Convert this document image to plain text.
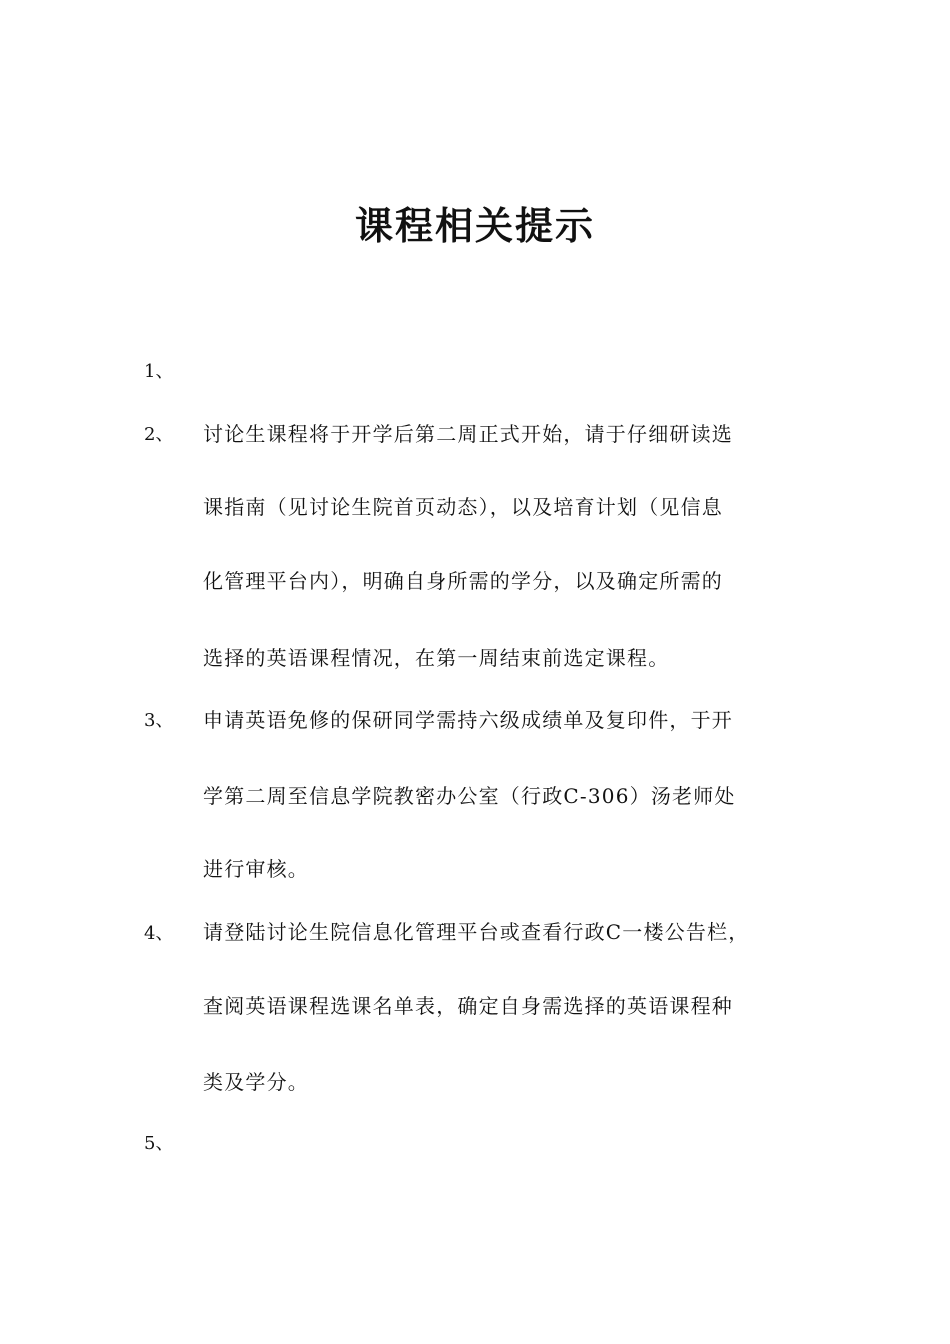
课程相关提示
1、
2、 讨论生课程将于开学后第二周正式开始，请于仔细研读选
课指南（见讨论生院首页动态），以及培育计划（见信息
化管理平台内），明确自身所需的学分，以及确定所需的
选择的英语课程情况，在第一周结束前选定课程。
3、 申请英语免修的保研同学需持六级成绩单及复印件，于开
学第二周至信息学院教密办公室（行政C-306）汤老师处
进行审核。
4、 请登陆讨论生院信息化管理平台或查看行政C一楼公告栏，
查阅英语课程选课名单表，确定自身需选择的英语课程种
类及学分。
5、
